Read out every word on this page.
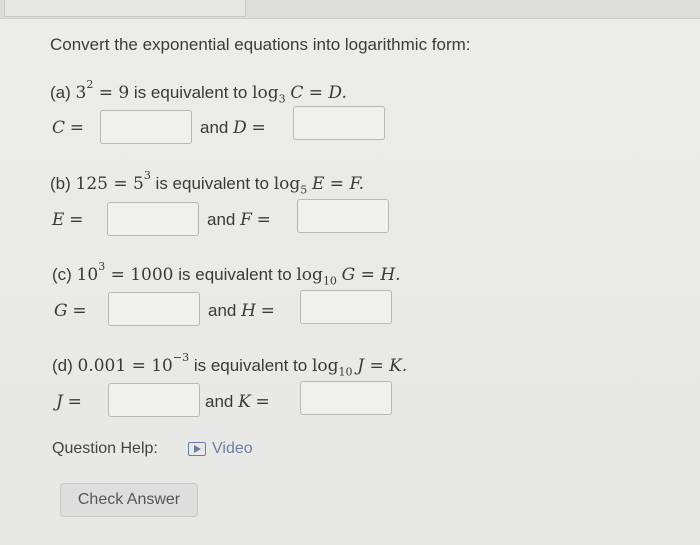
Convert the exponential equations into logarithmic form:
(a) $3^2 = 9$ is equivalent to $\log_3 C = D$.
C =	and D =
(b) $125 = 5^3$ is equivalent to $\log_5 E = F$.
E =	and F =
(c) $10^3 = 1000$ is equivalent to $\log_{10} G = H$.
G =	and H =
(d) $0.001 = 10^{-3}$ is equivalent to $\log_{10} J = K$.
J =	and K =
Question Help:	Video
Check Answer
